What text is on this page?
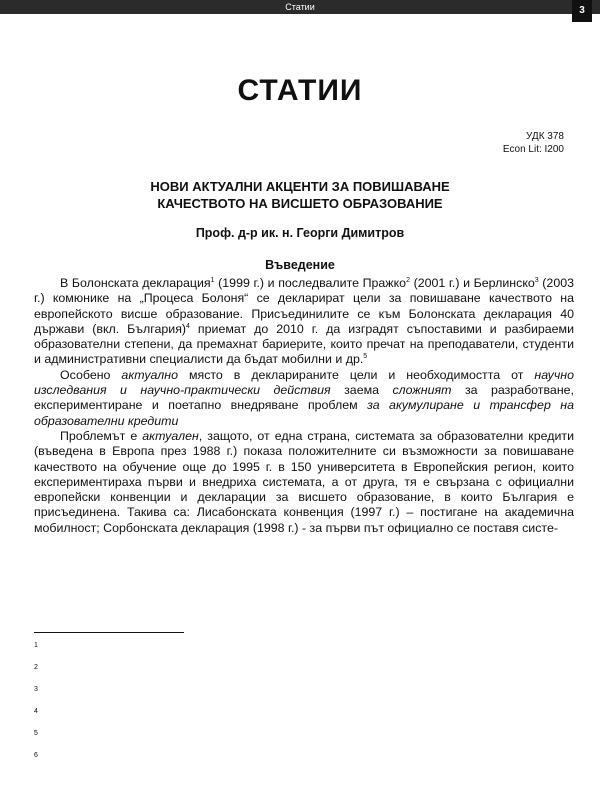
Статии	3
СТАТИИ
УДК 378
Econ Lit: I200
НОВИ АКТУАЛНИ АКЦЕНТИ ЗА ПОВИШАВАНЕ
КАЧЕСТВОТО НА ВИСШЕТО ОБРАЗОВАНИЕ
Проф. д-р ик. н. Георги Димитров
Въведение

В Болонската декларация$^1$ (1999 г.) и последвалите Пражко$^2$ (2001 г.) и Берлинско$^3$ (2003 г.) комюнике на „Процеса Болоня“ се декларират цели за повишаване качеството на европейското висше образование. Присъединилите се към Болонската декларация 40 държави (вкл. България)$^4$ приемат до 2010 г. да изградят съпоставими и разбираеми образователни степени, да премахнат бариерите, които пречат на преподаватели, студенти и административни специалисти да бъдат мобилни и др.$^5$

Особено актуално място в декларираните цели и необходимостта от научно изследвания и научно-практически действия заема сложният за разработване, експериментиране и поетапно внедряване проблем за акумулиране и трансфер на образователни кредити

Проблемът е актуален, защото, от една страна, системата за образователни кредити (въведена в Европа през 1988 г.) показа положителните си възможности за повишаване качеството на обучение още до 1995 г. в 150 университета в Европейския регион, които експериментираха първи и внедриха системата, а от друга, тя е свързана с официални европейски конвенции и декларации за висшето образование, в които България е присъединена. Такива са: Лисабонската конвенция (1997 г.) – постигане на академична мобилност; Сорбонската декларация (1998 г.) - за първи път официално се поставя систе-

1
2
3
4
5
6
